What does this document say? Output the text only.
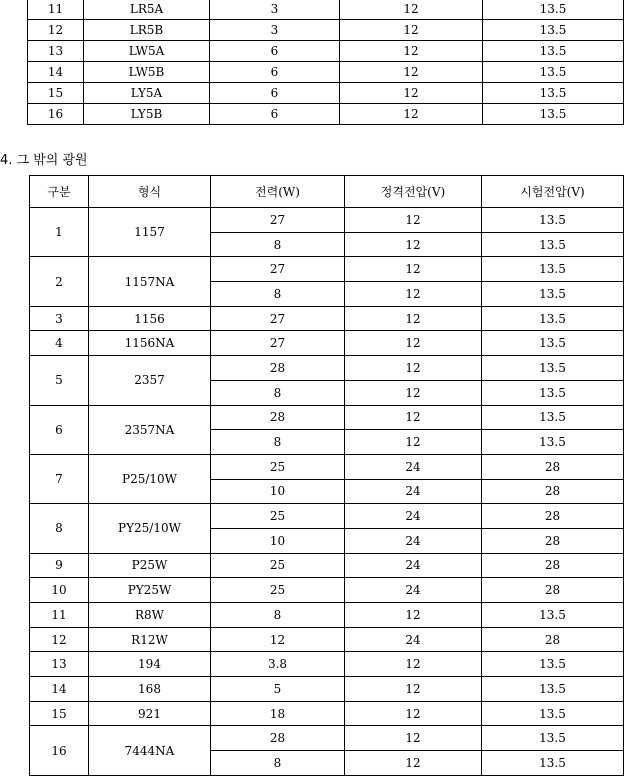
11	LR5A	3	12	13.5
12	LR5B	3	12	13.5
13	LW5A	6	12	13.5
14	LW5B	6	12	13.5
15	LY5A	6	12	13.5
16	LY5B	6	12	13.5
4. 그 밖의 광원
구분	형식	전력(W)	정격전압(V)	시험전압(V)
1	1157	27	12	13.5
		8	12	13.5
2	1157NA	27	12	13.5
		8	12	13.5
3	1156	27	12	13.5
4	1156NA	27	12	13.5
5	2357	28	12	13.5
		8	12	13.5
6	2357NA	28	12	13.5
		8	12	13.5
7	P25/10W	25	24	28
		10	24	28
8	PY25/10W	25	24	28
		10	24	28
9	P25W	25	24	28
10	PY25W	25	24	28
11	R8W	8	12	13.5
12	R12W	12	24	28
13	194	3.8	12	13.5
14	168	5	12	13.5
15	921	18	12	13.5
16	7444NA	28	12	13.5
		8	12	13.5
